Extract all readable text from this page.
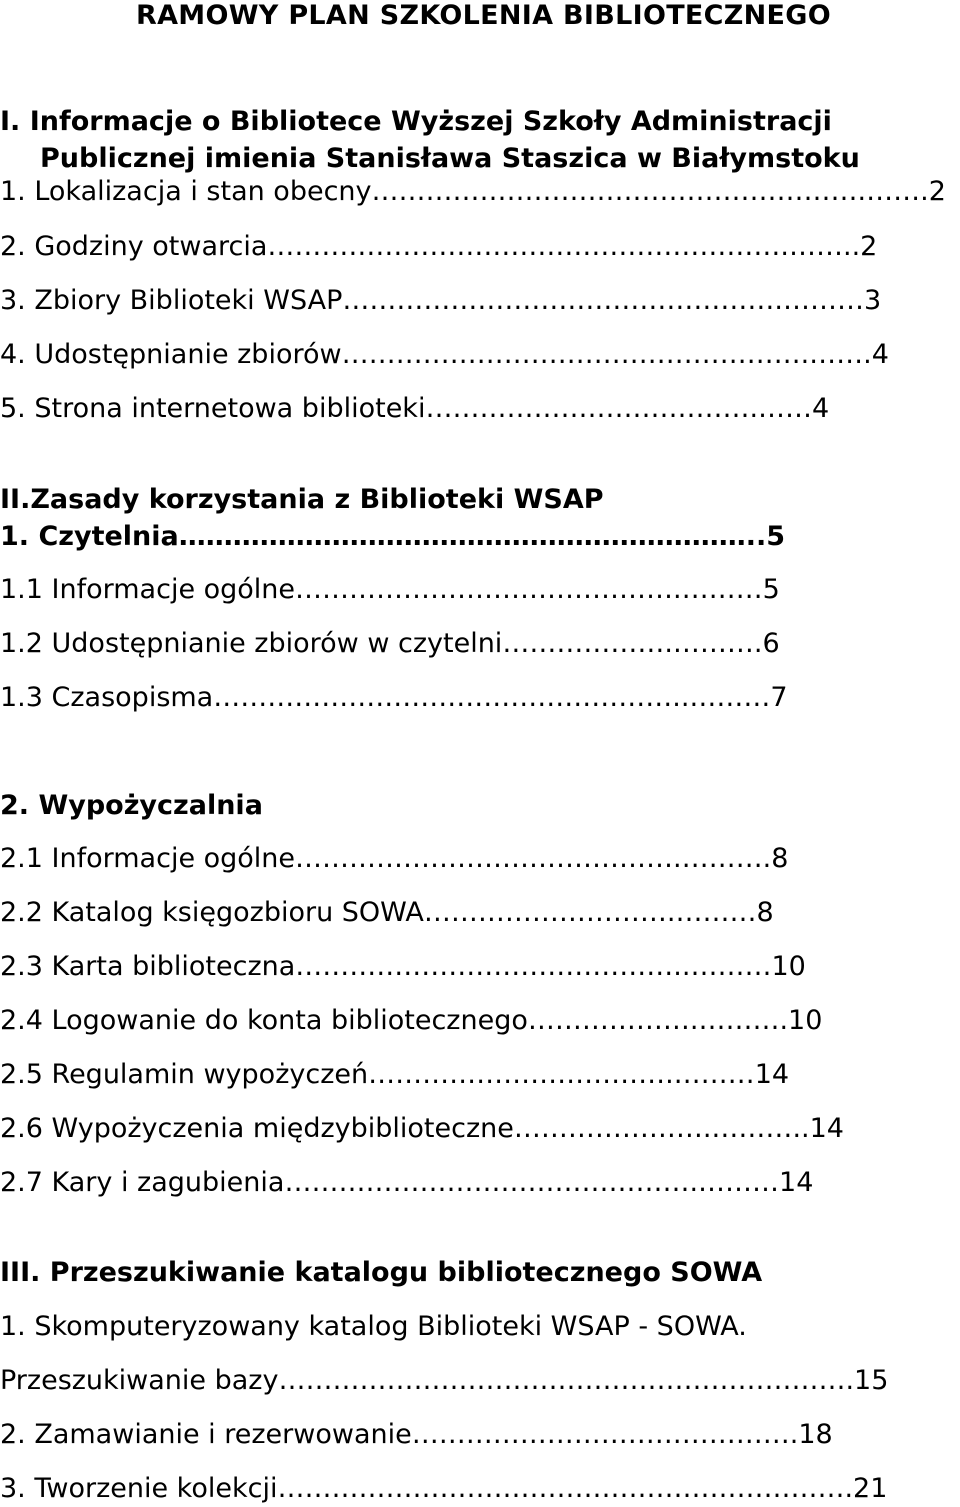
RAMOWY PLAN SZKOLENIA BIBLIOTECZNEGO
I. Informacje o Bibliotece Wyższej Szkoły Administracji
Publicznej imienia Stanisława Staszica w Białymstoku
1. Lokalizacja i stan obecny ……………………………………………….…… .2
2. Godziny otwarcia ………………………………………………….…… ..2
3. Zbiory Biblioteki WSAP ………………………………………….……… 3
4. Udostępnianie zbiorów …………………………………………….…… .4
5. Strona internetowa biblioteki ……………………………….…… 4
II.Zasady korzystania z Biblioteki WSAP
1. Czytelnia ……………………………………………………… ..5
1.1 Informacje ogólne …………………………………….……… 5
1.2 Udostępnianie zbiorów w czytelni ……………….……… .6
1.3 Czasopisma ……………………………………………..……… 7
2. Wypożyczalnia
2.1 Informacje ogólne …………………………………….……… .8
2.2 Katalog księgozbioru SOWA ……………………….……… 8
2.3 Karta biblioteczna ……………………………………..……… 10
2.4 Logowanie do konta bibliotecznego ……………….……… .10
2.5 Regulamin wypożyczeń …………………………….……… 14
2.6 Wypożyczenia międzybiblioteczne ………………….……… ..14
2.7 Kary i zagubienia ……………………………………….……… 14
III. Przeszukiwanie katalogu bibliotecznego SOWA
1. Skomputeryzowany katalog Biblioteki WSAP - SOWA.
Przeszukiwanie bazy ……………………………………………………… .15
2. Zamawianie i rezerwowanie ……………………………………. 18
3. Tworzenie kolekcji ……………………………………………………… .21
